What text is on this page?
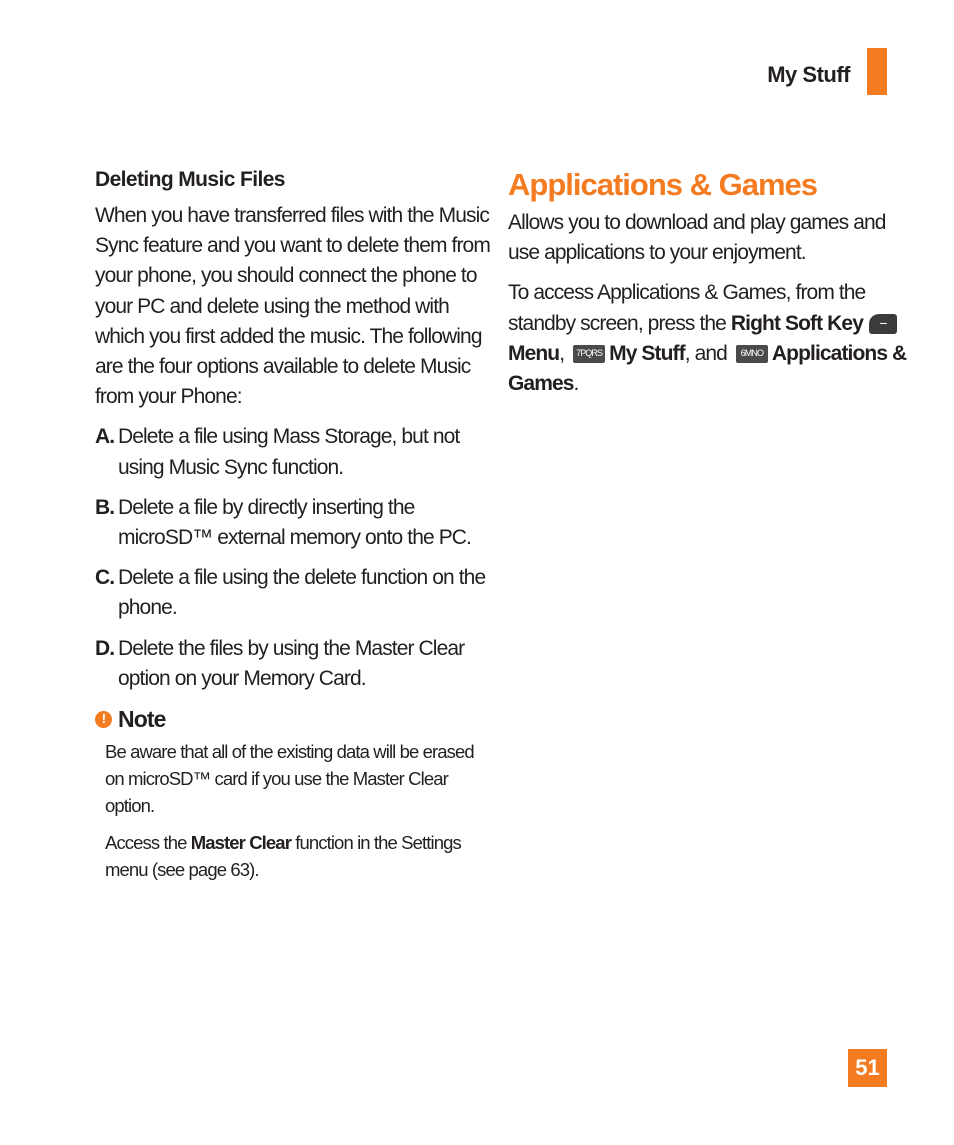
My Stuff
Deleting Music Files

When you have transferred files with the Music Sync feature and you want to delete them from your phone, you should connect the phone to your PC and delete using the method with which you first added the music. The following are the four options available to delete Music from your Phone:

A. Delete a file using Mass Storage, but not using Music Sync function.
B. Delete a file by directly inserting the microSD™ external memory onto the PC.
C. Delete a file using the delete function on the phone.
D. Delete the files by using the Master Clear option on your Memory Card.
! Note

Be aware that all of the existing data will be erased on microSD™ card if you use the Master Clear option.

Access the Master Clear function in the Settings menu (see page 63).

Applications & Games

Allows you to download and play games and use applications to your enjoyment.

To access Applications & Games, from the standby screen, press the Right Soft Key − Menu, 7PQRS My Stuff, and 6MNO Applications & Games.

51
